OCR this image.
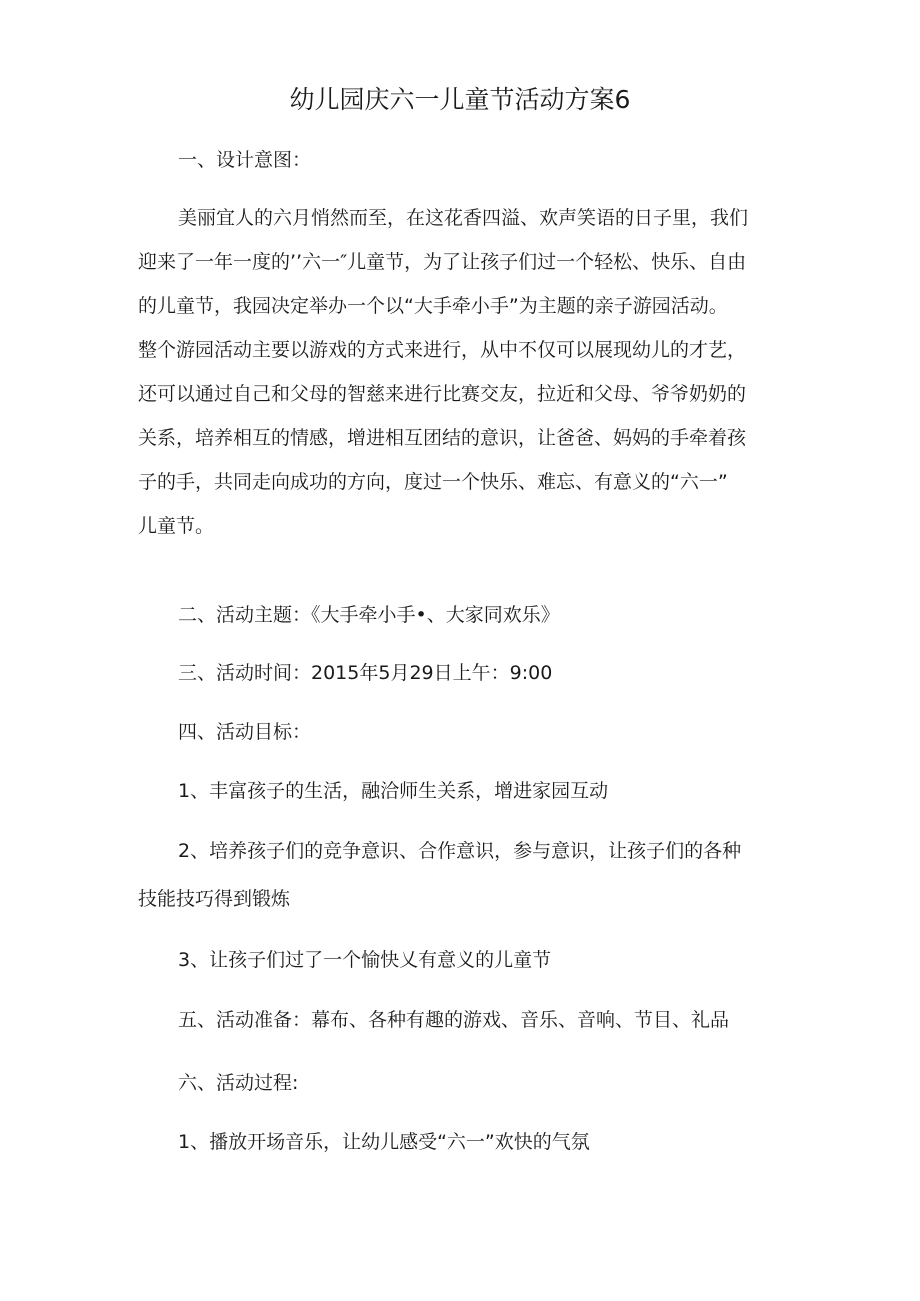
幼儿园庆六一儿童节活动方案6
一、设计意图：
美丽宜人的六月悄然而至，在这花香四溢、欢声笑语的日子里，我们
迎来了一年一度的’’六一″儿童节，为了让孩子们过一个轻松、快乐、自由
的儿童节，我园决定举办一个以“大手牵小手”为主题的亲子游园活动。
整个游园活动主要以游戏的方式来进行，从中不仅可以展现幼儿的才艺，
还可以通过自己和父母的智慈来进行比赛交友，拉近和父母、爷爷奶奶的
关系，培养相互的情感，增进相互团结的意识，让爸爸、妈妈的手牵着孩
子的手，共同走向成功的方向，度过一个快乐、难忘、有意义的“六一”
儿童节。
二、活动主题：《大手牵小手•、大家同欢乐》
三、活动时间：2015年5月29日上午：9:00
四、活动目标：
1、丰富孩子的生活，融洽师生关系，增进家园互动
2、培养孩子们的竞争意识、合作意识，参与意识，让孩子们的各种
技能技巧得到锻炼
3、让孩子们过了一个愉快乂有意义的儿童节
五、活动准备：幕布、各种有趣的游戏、音乐、音响、节目、礼品
六、活动过程:
1、播放开场音乐，让幼儿感受“六一”欢快的气氛
